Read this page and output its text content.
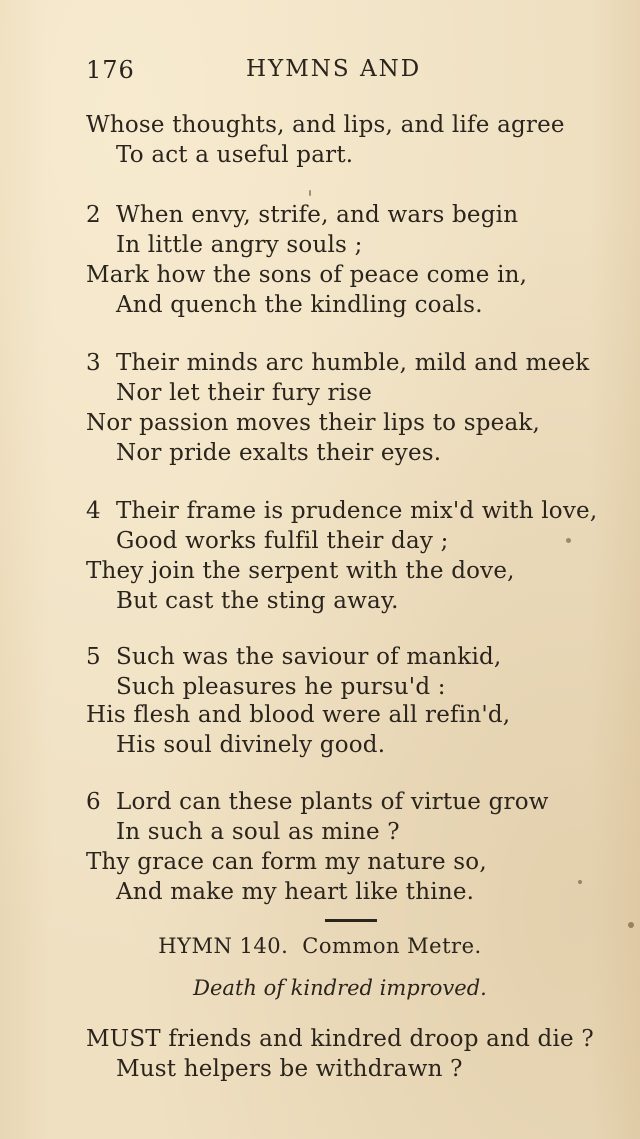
176	HYMNS AND
Whose thoughts, and lips, and life agree
To act a useful part.
2 When envy, strife, and wars begin
In little angry souls ;
Mark how the sons of peace come in,
And quench the kindling coals.
3 Their minds arc humble, mild and meek
Nor let their fury rise
Nor passion moves their lips to speak,
Nor pride exalts their eyes.
4 Their frame is prudence mix'd with love,
Good works fulfil their day ;
They join the serpent with the dove,
But cast the sting away.
5 Such was the saviour of mankid,
Such pleasures he pursu'd :
His flesh and blood were all refin'd,
His soul divinely good.
6 Lord can these plants of virtue grow
In such a soul as mine ?
Thy grace can form my nature so,
And make my heart like thine.
HYMN 140. Common Metre.
Death of kindred improved.
MUST friends and kindred droop and die ?
Must helpers be withdrawn ?
